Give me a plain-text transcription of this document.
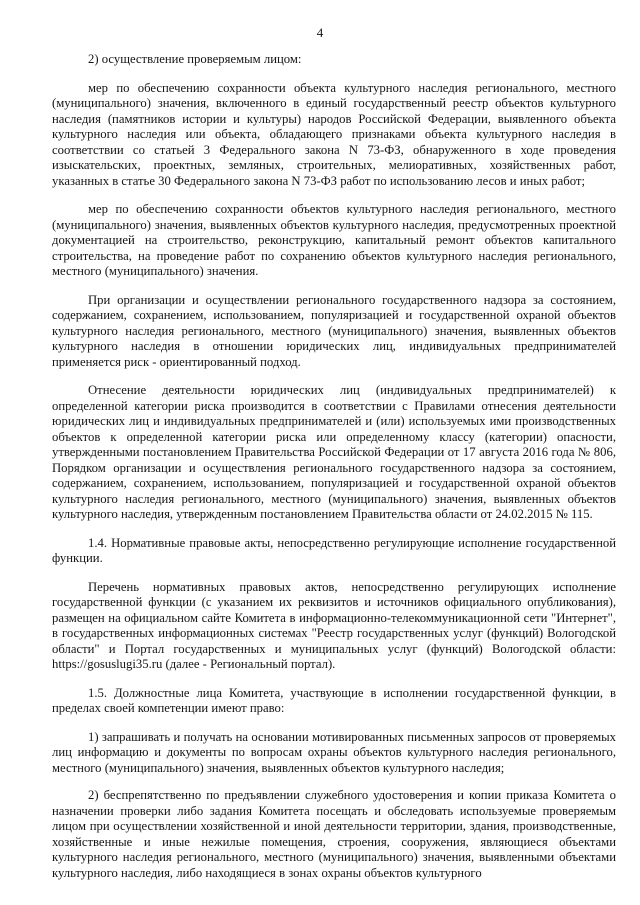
4

2) осуществление проверяемым лицом:

мер по обеспечению сохранности объекта культурного наследия регионального, местного (муниципального) значения, включенного в единый государственный реестр объектов культурного наследия (памятников истории и культуры) народов Российской Федерации, выявленного объекта культурного наследия или объекта, обладающего признаками объекта культурного наследия в соответствии со статьей 3 Федерального закона N 73-ФЗ, обнаруженного в ходе проведения изыскательских, проектных, земляных, строительных, мелиоративных, хозяйственных работ, указанных в статье 30 Федерального закона N 73-ФЗ работ по использованию лесов и иных работ;

мер по обеспечению сохранности объектов культурного наследия регионального, местного (муниципального) значения, выявленных объектов культурного наследия, предусмотренных проектной документацией на строительство, реконструкцию, капитальный ремонт объектов капитального строительства, на проведение работ по сохранению объектов культурного наследия регионального, местного (муниципального) значения.

При организации и осуществлении регионального государственного надзора за состоянием, содержанием, сохранением, использованием, популяризацией и государственной охраной объектов культурного наследия регионального, местного (муниципального) значения, выявленных объектов культурного наследия в отношении юридических лиц, индивидуальных предпринимателей применяется риск - ориентированный подход.

Отнесение деятельности юридических лиц (индивидуальных предпринимателей) к определенной категории риска производится в соответствии с Правилами отнесения деятельности юридических лиц и индивидуальных предпринимателей и (или) используемых ими производственных объектов к определенной категории риска или определенному классу (категории) опасности, утвержденными постановлением Правительства Российской Федерации от 17 августа 2016 года № 806, Порядком организации и осуществления регионального государственного надзора за состоянием, содержанием, сохранением, использованием, популяризацией и государственной охраной объектов культурного наследия регионального, местного (муниципального) значения, выявленных объектов культурного наследия, утвержденным постановлением Правительства области от 24.02.2015 № 115.

1.4. Нормативные правовые акты, непосредственно регулирующие исполнение государственной функции.

Перечень нормативных правовых актов, непосредственно регулирующих исполнение государственной функции (с указанием их реквизитов и источников официального опубликования), размещен на официальном сайте Комитета в информационно-телекоммуникационной сети "Интернет", в государственных информационных системах "Реестр государственных услуг (функций) Вологодской области" и Портал государственных и муниципальных услуг (функций) Вологодской области: https://gosuslugi35.ru (далее - Региональный портал).

1.5. Должностные лица Комитета, участвующие в исполнении государственной функции, в пределах своей компетенции имеют право:

1) запрашивать и получать на основании мотивированных письменных запросов от проверяемых лиц информацию и документы по вопросам охраны объектов культурного наследия регионального, местного (муниципального) значения, выявленных объектов культурного наследия;

2) беспрепятственно по предъявлении служебного удостоверения и копии приказа Комитета о назначении проверки либо задания Комитета посещать и обследовать используемые проверяемым лицом при осуществлении хозяйственной и иной деятельности территории, здания, производственные, хозяйственные и иные нежилые помещения, строения, сооружения, являющиеся объектами культурного наследия регионального, местного (муниципального) значения, выявленными объектами культурного наследия, либо находящиеся в зонах охраны объектов культурного
